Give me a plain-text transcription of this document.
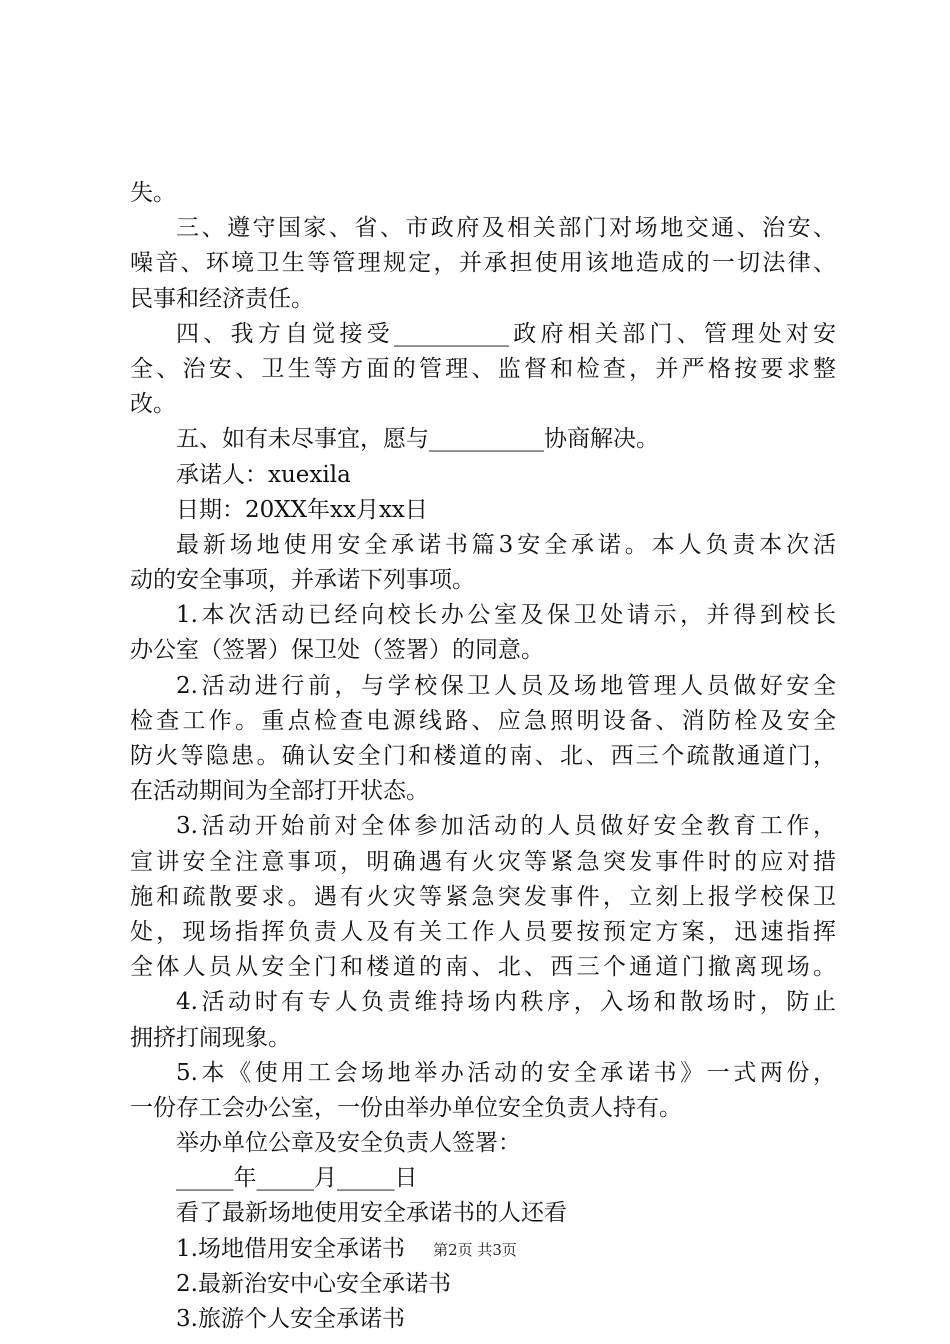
失。
三、遵守国家、省、市政府及相关部门对场地交通、治安、
噪音、环境卫生等管理规定，并承担使用该地造成的一切法律、
民事和经济责任。
四、我方自觉接受__________政府相关部门、管理处对安
全、治安、卫生等方面的管理、监督和检查，并严格按要求整
改。
五、如有未尽事宜，愿与__________协商解决。
承诺人：xuexila
日期：20XX年xx月xx日
最新场地使用安全承诺书篇3安全承诺。本人负责本次活
动的安全事项，并承诺下列事项。
1.本次活动已经向校长办公室及保卫处请示，并得到校长
办公室（签署）保卫处（签署）的同意。
2.活动进行前，与学校保卫人员及场地管理人员做好安全
检查工作。重点检查电源线路、应急照明设备、消防栓及安全
防火等隐患。确认安全门和楼道的南、北、西三个疏散通道门，
在活动期间为全部打开状态。
3.活动开始前对全体参加活动的人员做好安全教育工作，
宣讲安全注意事项，明确遇有火灾等紧急突发事件时的应对措
施和疏散要求。遇有火灾等紧急突发事件，立刻上报学校保卫
处，现场指挥负责人及有关工作人员要按预定方案，迅速指挥
全体人员从安全门和楼道的南、北、西三个通道门撤离现场。
4.活动时有专人负责维持场内秩序，入场和散场时，防止
拥挤打闹现象。
5.本《使用工会场地举办活动的安全承诺书》一式两份，
一份存工会办公室，一份由举办单位安全负责人持有。
举办单位公章及安全负责人签署：
_____年_____月_____日
看了最新场地使用安全承诺书的人还看
1.场地借用安全承诺书
2.最新治安中心安全承诺书
3.旅游个人安全承诺书
第2页 共3页
